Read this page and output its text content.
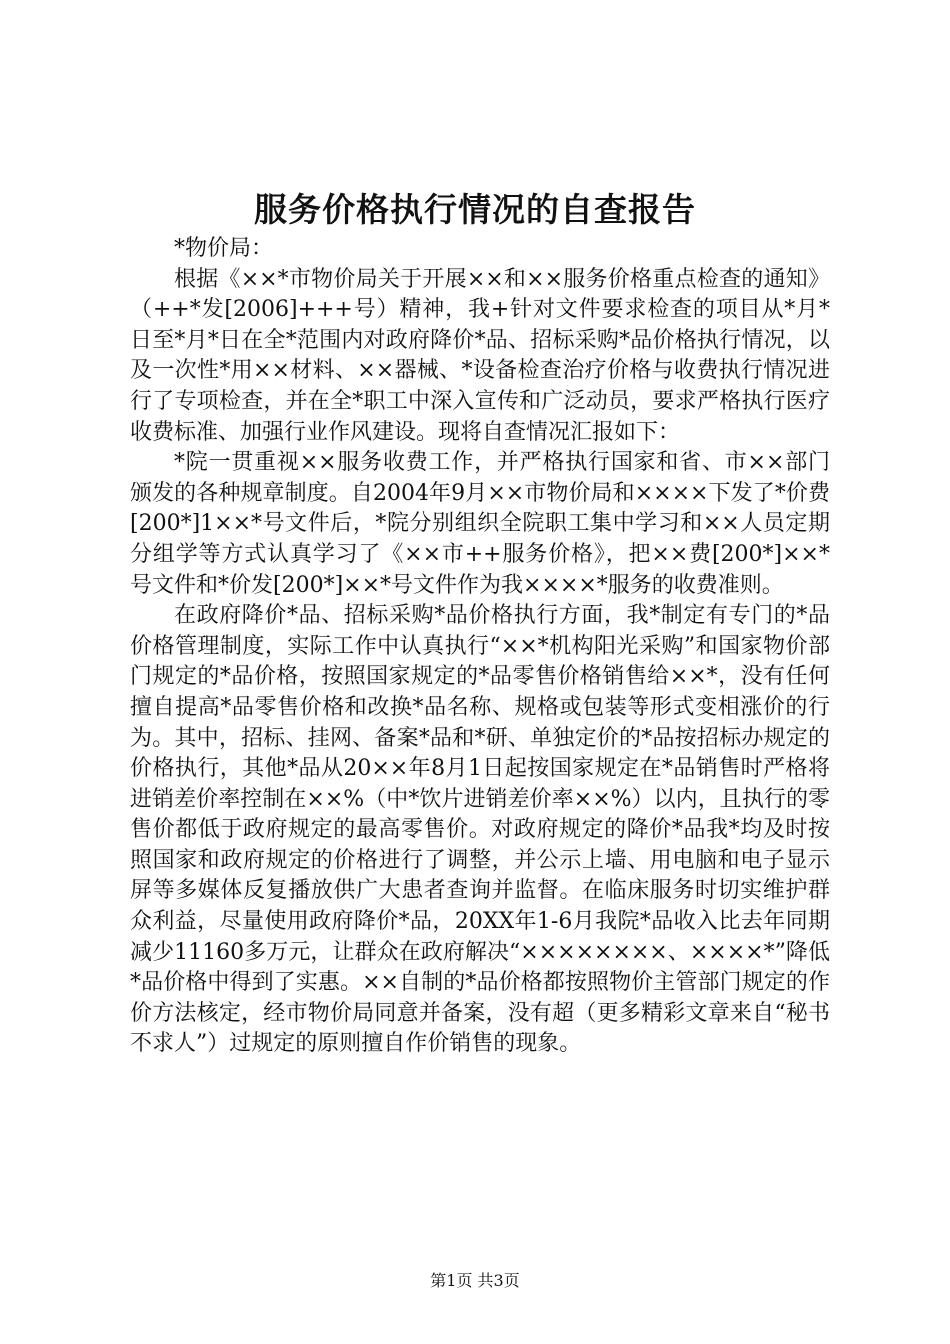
服务价格执行情况的自查报告

*物价局：

根据《××*市物价局关于开展××和××服务价格重点检查的通知》（++*发[2006]+++号）精神，我+针对文件要求检查的项目从*月*日至*月*日在全*范围内对政府降价*品、招标采购*品价格执行情况，以及一次性*用××材料、××器械、*设备检查治疗价格与收费执行情况进行了专项检查，并在全*职工中深入宣传和广泛动员，要求严格执行医疗收费标准、加强行业作风建设。现将自查情况汇报如下：

*院一贯重视××服务收费工作，并严格执行国家和省、市××部门颁发的各种规章制度。自2004年9月××市物价局和××××下发了*价费[200*]1××*号文件后，*院分别组织全院职工集中学习和××人员定期分组学等方式认真学习了《××市++服务价格》，把××费[200*]××*号文件和*价发[200*]××*号文件作为我××××*服务的收费准则。

在政府降价*品、招标采购*品价格执行方面，我*制定有专门的*品价格管理制度，实际工作中认真执行“××*机构阳光采购”和国家物价部门规定的*品价格，按照国家规定的*品零售价格销售给××*，没有任何擅自提高*品零售价格和改换*品名称、规格或包装等形式变相涨价的行为。其中，招标、挂网、备案*品和*研、单独定价的*品按招标办规定的价格执行，其他*品从20××年8月1日起按国家规定在*品销售时严格将进销差价率控制在××%（中*饮片进销差价率××%）以内，且执行的零售价都低于政府规定的最高零售价。对政府规定的降价*品我*均及时按照国家和政府规定的价格进行了调整，并公示上墙、用电脑和电子显示屏等多媒体反复播放供广大患者查询并监督。在临床服务时切实维护群众利益，尽量使用政府降价*品，20XX年1-6月我院*品收入比去年同期减少11160多万元，让群众在政府解决“××××××××、××××*”降低*品价格中得到了实惠。××自制的*品价格都按照物价主管部门规定的作价方法核定，经市物价局同意并备案，没有超（更多精彩文章来自“秘书不求人”）过规定的原则擅自作价销售的现象。

第1页 共3页
